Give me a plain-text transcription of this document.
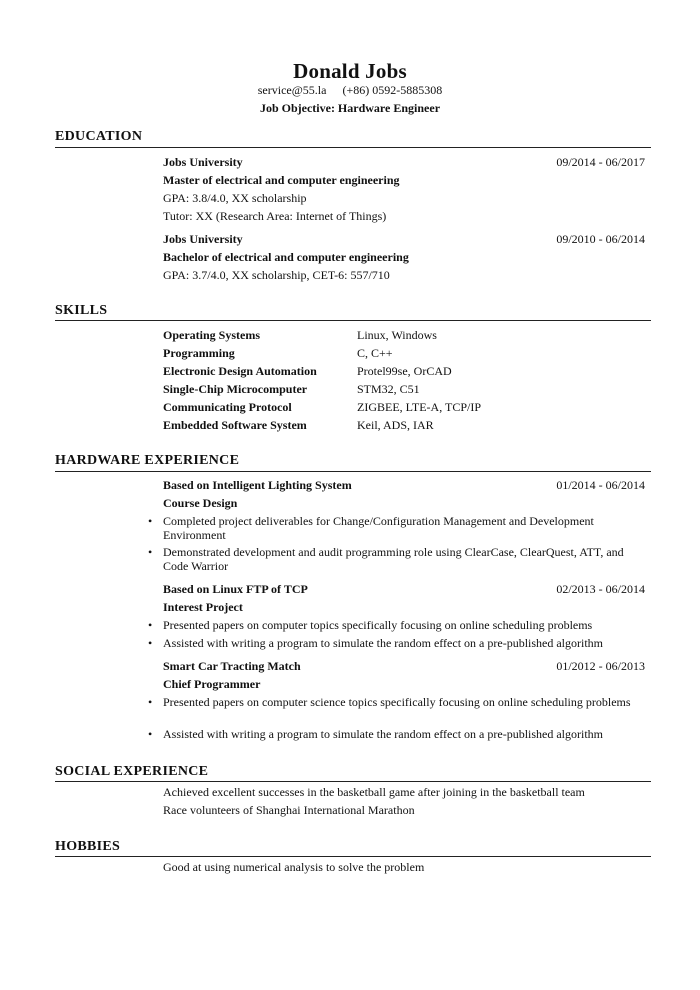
Donald Jobs
service@55.la (+86) 0592-5885308
Job Objective: Hardware Engineer
EDUCATION
Jobs University	09/2014 - 06/2017
Master of electrical and computer engineering
GPA: 3.8/4.0, XX scholarship
Tutor: XX (Research Area: Internet of Things)
Jobs University	09/2010 - 06/2014
Bachelor of electrical and computer engineering
GPA: 3.7/4.0, XX scholarship, CET-6: 557/710
SKILLS
Operating Systems	Linux, Windows
Programming	C, C++
Electronic Design Automation	Protel99se, OrCAD
Single-Chip Microcomputer	STM32, C51
Communicating Protocol	ZIGBEE, LTE-A, TCP/IP
Embedded Software System	Keil, ADS, IAR
HARDWARE EXPERIENCE
Based on Intelligent Lighting System	01/2014 - 06/2014
Course Design
• Completed project deliverables for Change/Configuration Management and Development Environment
• Demonstrated development and audit programming role using ClearCase, ClearQuest, ATT, and Code Warrior
Based on Linux FTP of TCP	02/2013 - 06/2014
Interest Project
• Presented papers on computer topics specifically focusing on online scheduling problems
• Assisted with writing a program to simulate the random effect on a pre-published algorithm
Smart Car Tracting Match	01/2012 - 06/2013
Chief Programmer
• Presented papers on computer science topics specifically focusing on online scheduling problems
• Assisted with writing a program to simulate the random effect on a pre-published algorithm
SOCIAL EXPERIENCE
Achieved excellent successes in the basketball game after joining in the basketball team
Race volunteers of Shanghai International Marathon
HOBBIES
Good at using numerical analysis to solve the problem
